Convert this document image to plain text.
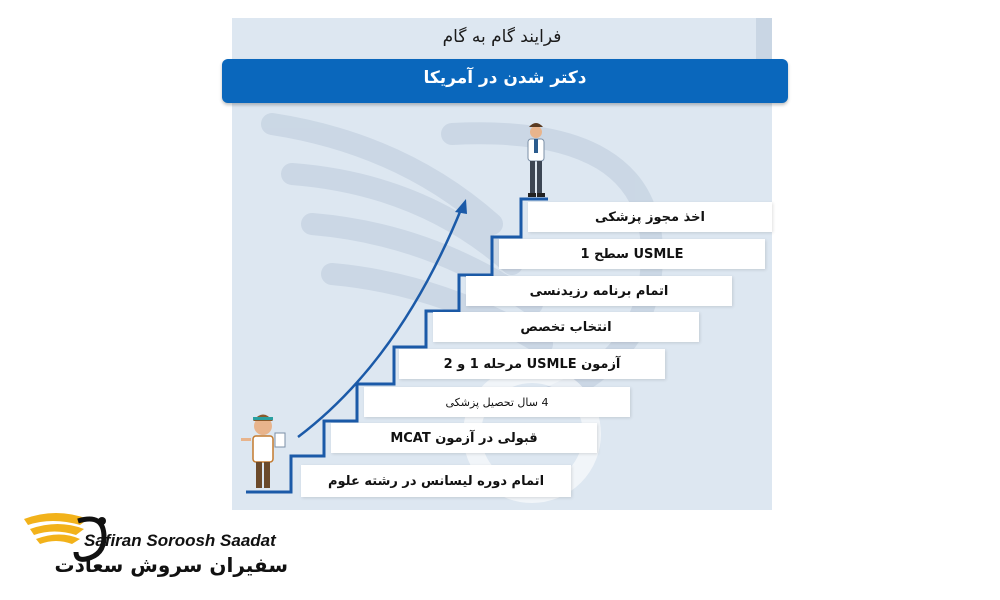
فرایند گام به گام
دکتر شدن در آمریکا
اخذ مجوز پزشکی
USMLE سطح 1
اتمام برنامه رزیدنسی
انتخاب تخصص
آزمون USMLE مرحله 1 و 2
4 سال تحصیل پزشکی
قبولی در آزمون MCAT
اتمام دوره لیسانس در رشته علوم
Safiran Soroosh Saadat
سفیران سروش سعادت
